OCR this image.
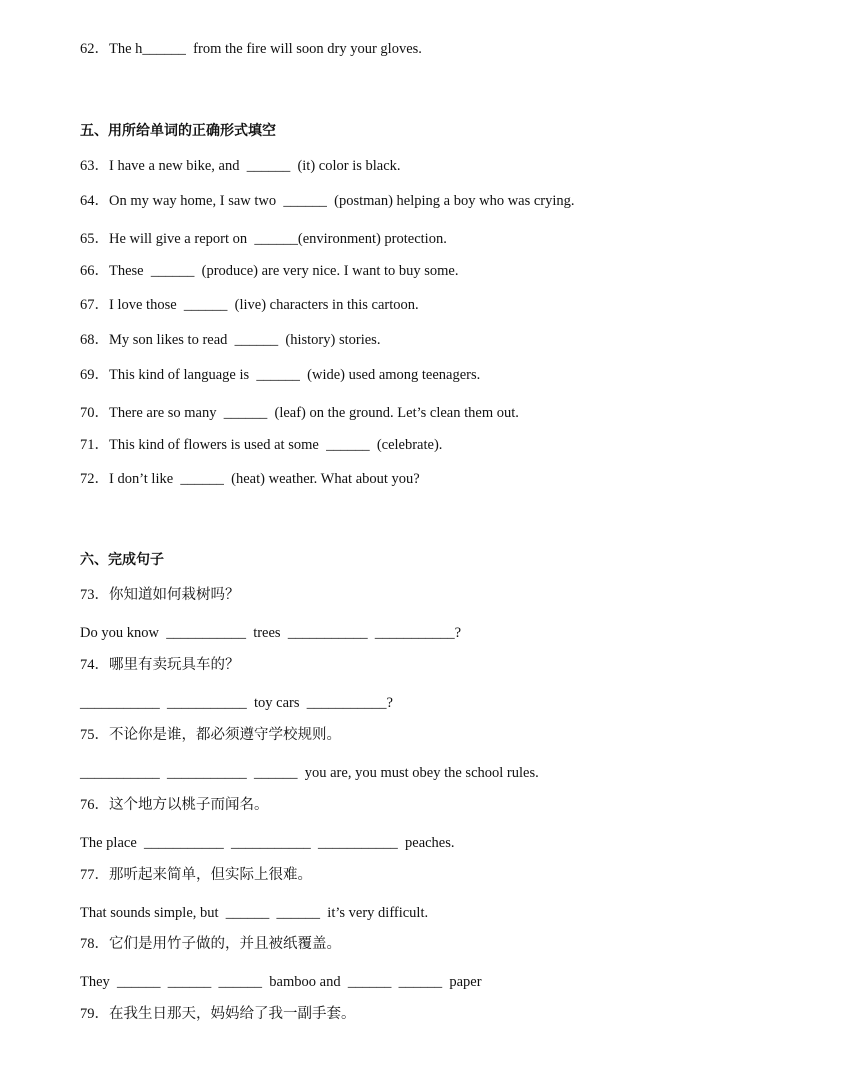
62．The h______  from the fire will soon dry your gloves.
五、用所给单词的正确形式填空
63．I have a new bike, and  ______  (it) color is black.
64．On my way home, I saw two  ______  (postman) helping a boy who was crying.
65．He will give a report on  ______(environment) protection.
66．These  ______  (produce) are very nice. I want to buy some.
67．I love those  ______  (live) characters in this cartoon.
68．My son likes to read  ______  (history) stories.
69．This kind of language is  ______  (wide) used among teenagers.
70．There are so many  ______  (leaf) on the ground. Let’s clean them out.
71．This kind of flowers is used at some  ______  (celebrate).
72．I don’t like  ______  (heat) weather. What about you?
六、完成句子
73．你知道如何栽树吗？
Do you know  ___________  trees  ___________  ___________?
74．哪里有卖玩具车的？
___________  ___________  toy cars  ___________?
75．不论你是谁，都必须遵守学校规则。
___________  ___________  ______  you are, you must obey the school rules.
76．这个地方以桃子而闻名。
The place  ___________  ___________  ___________  peaches.
77．那听起来简单，但实际上很难。
That sounds simple, but  ______  ______  it’s very difficult.
78．它们是用竹子做的，并且被纸覆盖。
They  ______  ______  ______  bamboo and  ______  ______  paper
79．在我生日那天，妈妈给了我一副手套。
